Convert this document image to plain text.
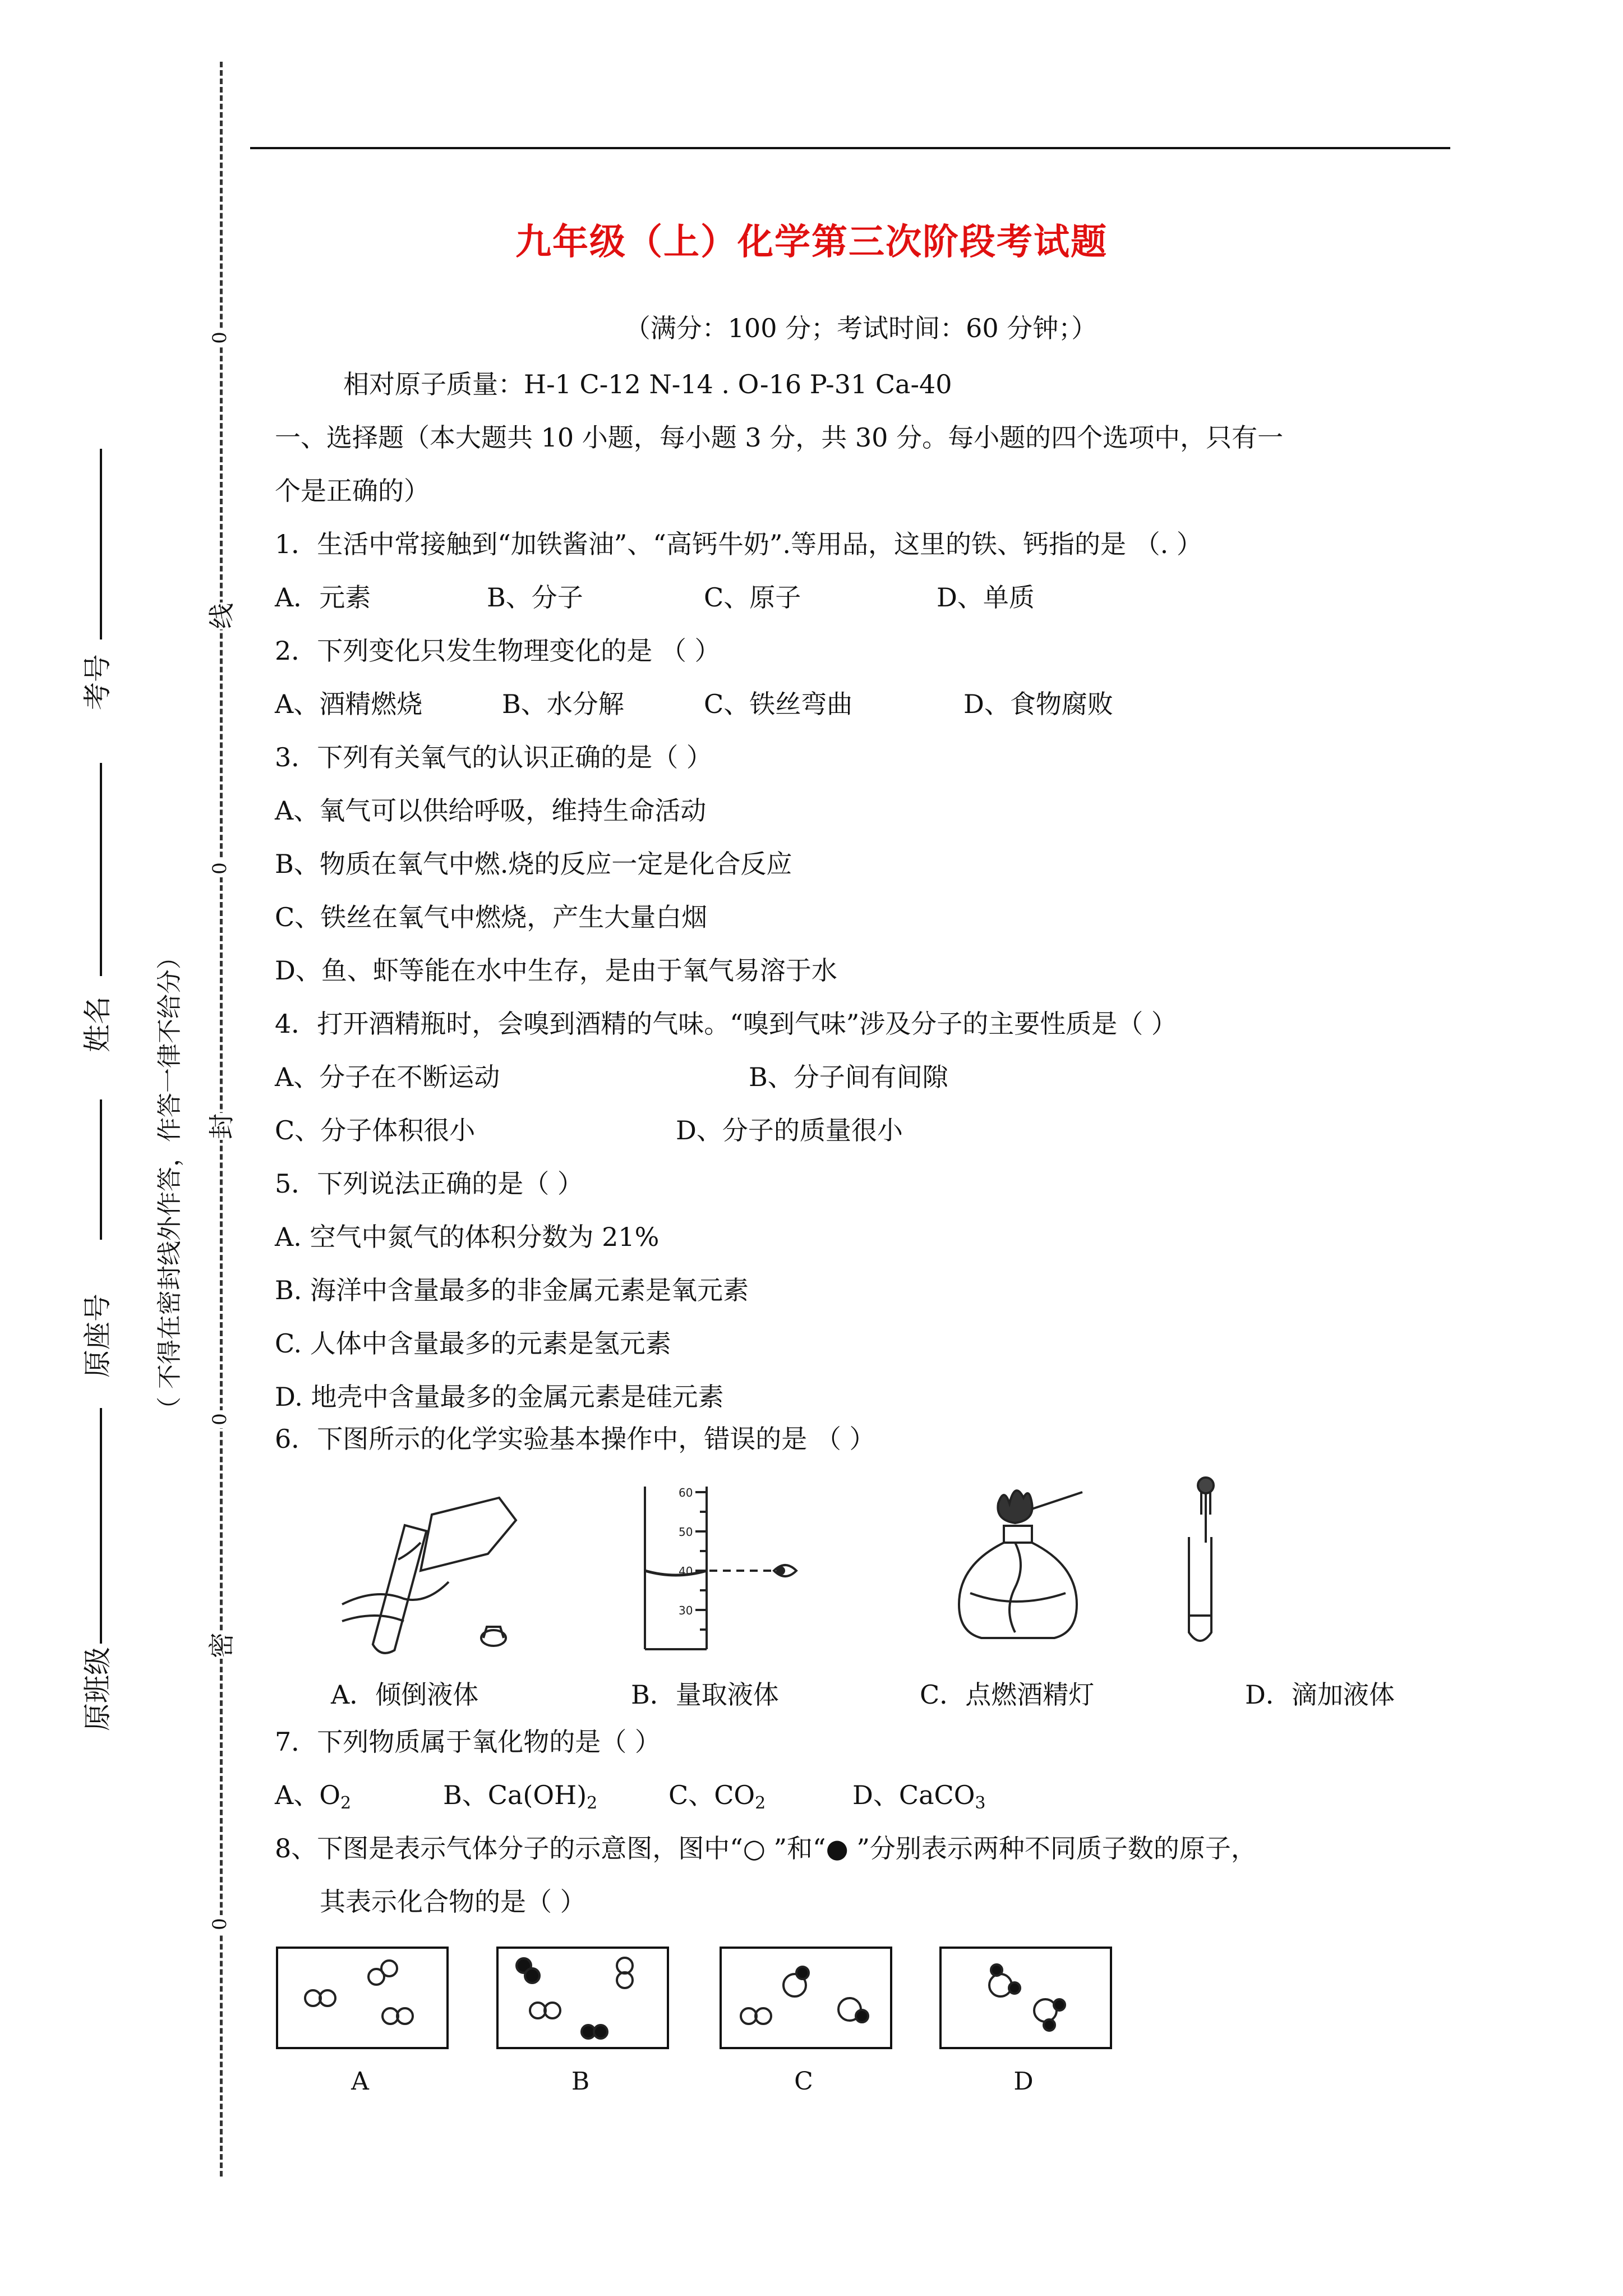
0
0
0
0
线
封
密
（ 不得在密封线外作答，作答一律不给分）
考号
姓名
原座号
原班级
九年级（上）化学第三次阶段考试题
（满分：100 分；考试时间：60 分钟；）
相对原子质量：H-1 C-12 N-14 . O-16 P-31 Ca-40
一、选择题（本大题共 10 小题，每小题 3 分，共 30 分。每小题的四个选项中，只有一
个是正确的）
1．生活中常接触到“加铁酱油”、“高钙牛奶”.等用品，这里的铁、钙指的是 （. ）
A．元素	B、分子	C、原子	D、单质
2．下列变化只发生物理变化的是 （ ）
A、酒精燃烧	B、水分解	C、铁丝弯曲	D、食物腐败
3．下列有关氧气的认识正确的是（ ）
A、氧气可以供给呼吸，维持生命活动
B、物质在氧气中燃.烧的反应一定是化合反应
C、铁丝在氧气中燃烧，产生大量白烟
D、鱼、虾等能在水中生存，是由于氧气易溶于水
4．打开酒精瓶时，会嗅到酒精的气味。“嗅到气味”涉及分子的主要性质是（ ）
A、分子在不断运动	B、分子间有间隙
C、分子体积很小	D、分子的质量很小
5．下列说法正确的是（ ）
A. 空气中氮气的体积分数为 21%
B. 海洋中含量最多的非金属元素是氧元素
C. 人体中含量最多的元素是氢元素
D. 地壳中含量最多的金属元素是硅元素
6．下图所示的化学实验基本操作中，错误的是 （ ）
A．倾倒液体
60
50
40
30
B．量取液体	C．点燃酒精灯	D．滴加液体
7．下列物质属于氧化物的是（ ）
A、$O_2$	B、$Ca(OH)_2$	C、$CO_2$	D、CaCO$_3$
8、下图是表示气体分子的示意图，图中“○ ”和“● ”分别表示两种不同质子数的原子，
其表示化合物的是（ ）
A	B	C	D
